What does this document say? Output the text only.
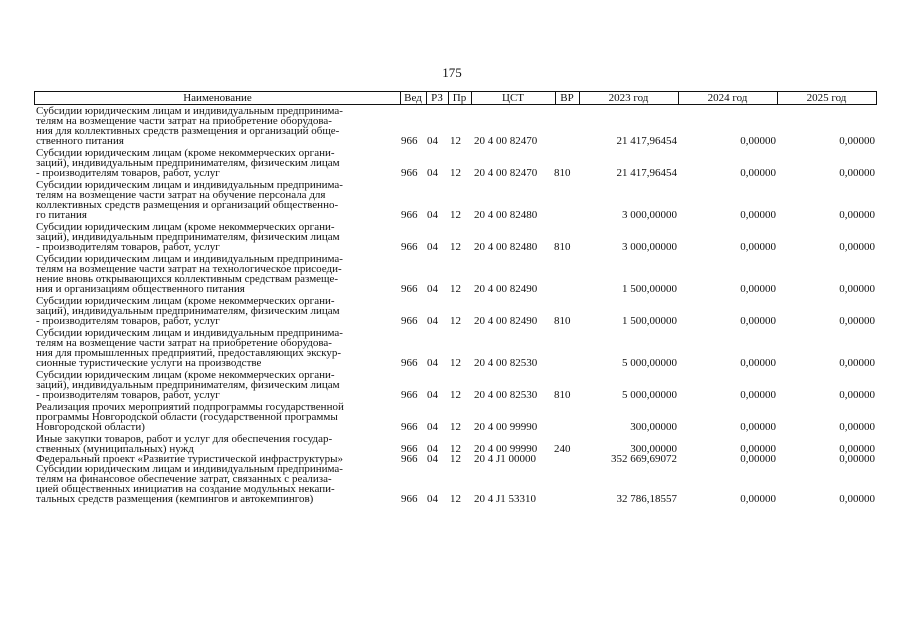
175
Наименование	Вед РЗ Пр	ЦСТ	ВР	2023 год	2024 год	2025 год
Субсидии юридическим лицам и индивидуальным предпринима-
телям на возмещение части затрат на приобретение оборудова-
ния для коллективных средств размещения и организаций обще-
ственного питания	966 04 12 20 4 00 82470	21 417,96454	0,00000	0,00000
Субсидии юридическим лицам (кроме некоммерческих органи-
заций), индивидуальным предпринимателям, физическим лицам
- производителям товаров, работ, услуг	966 04 12 20 4 00 82470 810	21 417,96454	0,00000	0,00000
Субсидии юридическим лицам и индивидуальным предпринима-
телям на возмещение части затрат на обучение персонала для
коллективных средств размещения и организаций общественно-
го питания	966 04 12 20 4 00 82480	3 000,00000	0,00000	0,00000
Субсидии юридическим лицам (кроме некоммерческих органи-
заций), индивидуальным предпринимателям, физическим лицам
- производителям товаров, работ, услуг	966 04 12 20 4 00 82480 810	3 000,00000	0,00000	0,00000
Субсидии юридическим лицам и индивидуальным предпринима-
телям на возмещение части затрат на технологическое присоеди-
нение вновь открывающихся коллективным средствам размеще-
ния и организациям общественного питания	966 04 12 20 4 00 82490	1 500,00000	0,00000	0,00000
Субсидии юридическим лицам (кроме некоммерческих органи-
заций), индивидуальным предпринимателям, физическим лицам
- производителям товаров, работ, услуг	966 04 12 20 4 00 82490 810	1 500,00000	0,00000	0,00000
Субсидии юридическим лицам и индивидуальным предпринима-
телям на возмещение части затрат на приобретение оборудова-
ния для промышленных предприятий, предоставляющих экскур-
сионные туристические услуги на производстве	966 04 12 20 4 00 82530	5 000,00000	0,00000	0,00000
Субсидии юридическим лицам (кроме некоммерческих органи-
заций), индивидуальным предпринимателям, физическим лицам
- производителям товаров, работ, услуг	966 04 12 20 4 00 82530 810	5 000,00000	0,00000	0,00000
Реализация прочих мероприятий подпрограммы государственной
программы Новгородской области (государственной программы
Новгородской области)	966 04 12 20 4 00 99990	300,00000	0,00000	0,00000
Иные закупки товаров, работ и услуг для обеспечения государ-
ственных (муниципальных) нужд	966 04 12 20 4 00 99990 240	300,00000	0,00000	0,00000
Федеральный проект «Развитие туристической инфраструктуры»	966 04 12 20 4 J1 00000	352 669,69072	0,00000	0,00000
Субсидии юридическим лицам и индивидуальным предпринима-
телям на финансовое обеспечение затрат, связанных с реализа-
цией общественных инициатив на создание модульных некапи-
тальных средств размещения (кемпингов и автокемпингов)	966 04 12 20 4 J1 53310	32 786,18557	0,00000	0,00000
